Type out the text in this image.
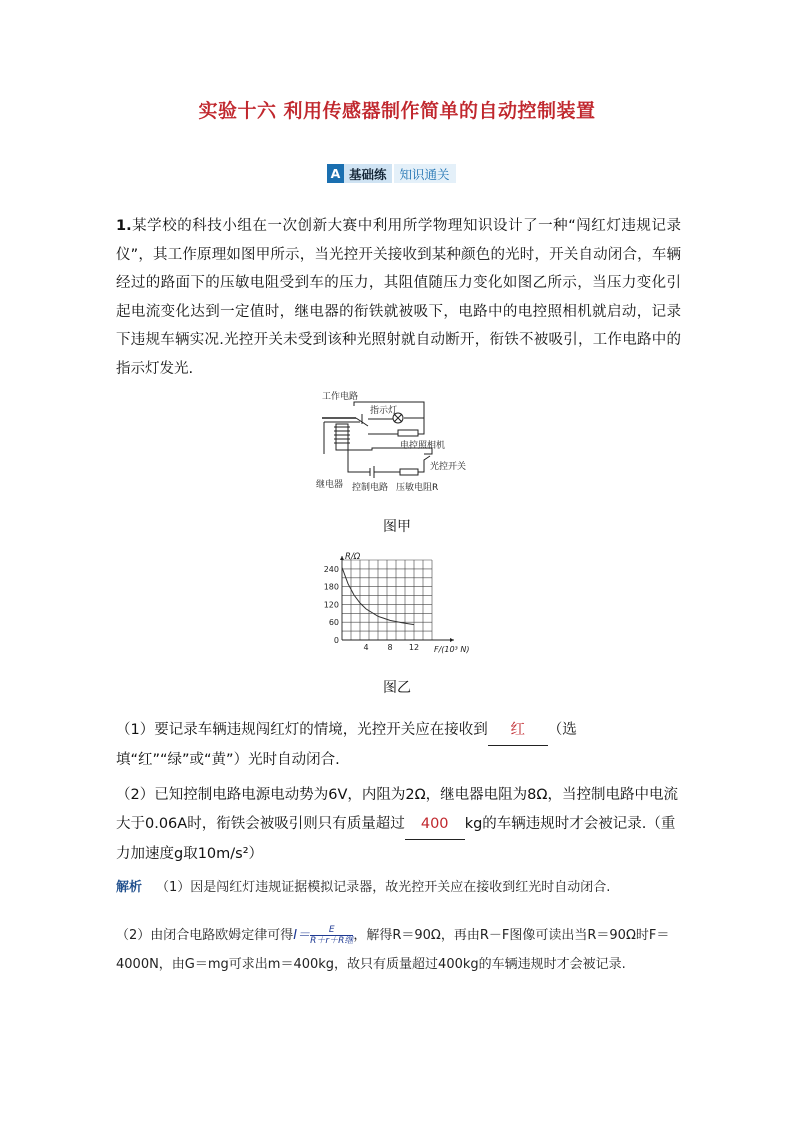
实验十六 利用传感器制作简单的自动控制装置
A 基础练	知识通关
1.某学校的科技小组在一次创新大赛中利用所学物理知识设计了一种“闯红灯违规记录仪”，其工作原理如图甲所示，当光控开关接收到某种颜色的光时，开关自动闭合，车辆经过的路面下的压敏电阻受到车的压力，其阻值随压力变化如图乙所示，当压力变化引起电流变化达到一定值时，继电器的衔铁就被吸下，电路中的电控照相机就启动，记录下违规车辆实况.光控开关未受到该种光照射就自动断开，衔铁不被吸引，工作电路中的指示灯发光.
工作电路
指示灯
电控照相机
光控开关
继电器 控制电路 压敏电阻R
图甲
240
180
120
60
0
4 8 12
R/Ω
F/(10³ N)
图乙
（1）要记录车辆违规闯红灯的情境，光控开关应在接收到 红 （选填“红”“绿”或“黄”）光时自动闭合.
（2）已知控制电路电源电动势为6V，内阻为2Ω，继电器电阻为8Ω，当控制电路中电流大于0.06A时，衔铁会被吸引则只有质量超过 400 kg的车辆违规时才会被记录.（重力加速度g取10m/s²）
解析 （1）因是闯红灯违规证据模拟记录器，故光控开关应在接收到红光时自动闭合.
（2）由闭合电路欧姆定律可得$I= \frac{E}{\text{R＋r＋R继}}$ ，解得R＝90Ω，再由R－F图像可读出当R＝90Ω时F＝4000N，由G＝mg可求出m＝400kg，故只有质量超过400kg的车辆违规时才会被记录.
